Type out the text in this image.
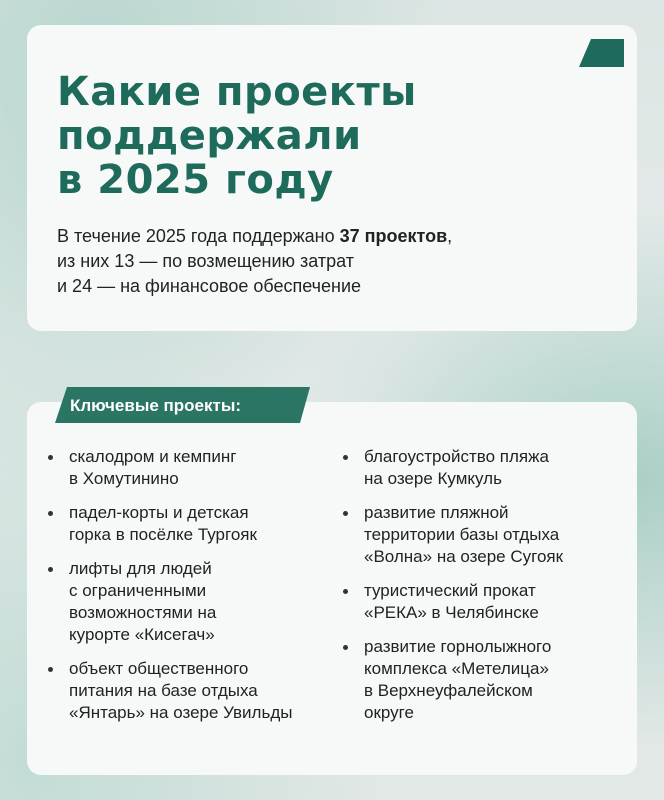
Какие проекты
поддержали
в 2025 году
В течение 2025 года поддержано 37 проектов,
из них 13 — по возмещению затрат
и 24 — на финансовое обеспечение
Ключевые проекты:
скалодром и кемпинг
в Хомутинино
падел-корты и детская
горка в посёлке Тургояк
лифты для людей
с ограниченными
возможностями на
курорте «Кисегач»
объект общественного
питания на базе отдыха
«Янтарь» на озере Увильды
благоустройство пляжа
на озере Кумкуль
развитие пляжной
территории базы отдыха
«Волна» на озере Сугояк
туристический прокат
«РЕКА» в Челябинске
развитие горнолыжного
комплекса «Метелица»
в Верхнеуфалейском
округе
